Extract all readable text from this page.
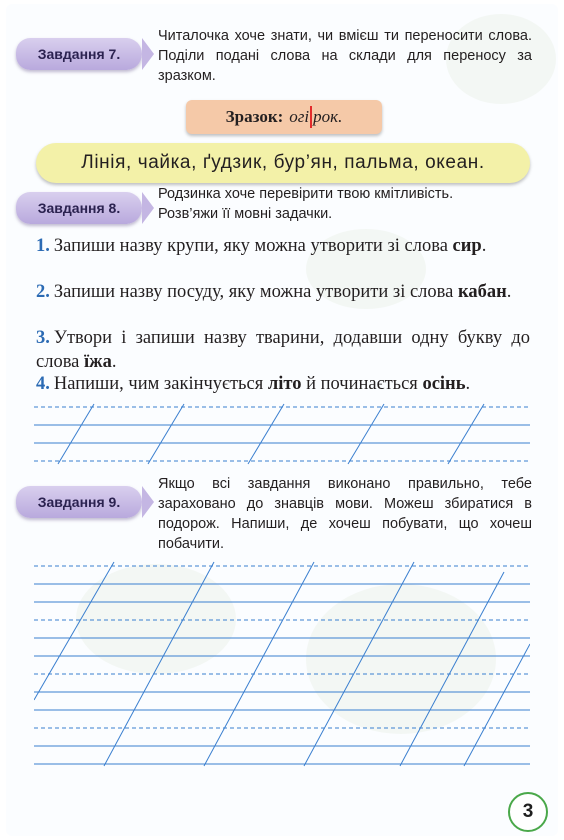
Завдання 7.
Читалочка хоче знати, чи вмієш ти переносити слова. Поділи подані слова на склади для переносу за зразком.
Зразок: огі рок.
Лінія, чайка, ґудзик, бур’ян, пальма, океан.
Завдання 8.
Родзинка хоче перевірити твою кмітливість.
Розв’яжи її мовні задачки.
1. Запиши назву крупи, яку можна утворити зі слова сир.
2. Запиши назву посуду, яку можна утворити зі слова кабан.
3. Утвори і запиши назву тварини, додавши одну букву до слова їжа.
4. Напиши, чим закінчується літо й починається осінь.
Завдання 9.
Якщо всі завдання виконано правильно, тебе зараховано до знавців мови. Можеш збиратися в подорож. Напиши, де хочеш побувати, що хочеш побачити.
3
